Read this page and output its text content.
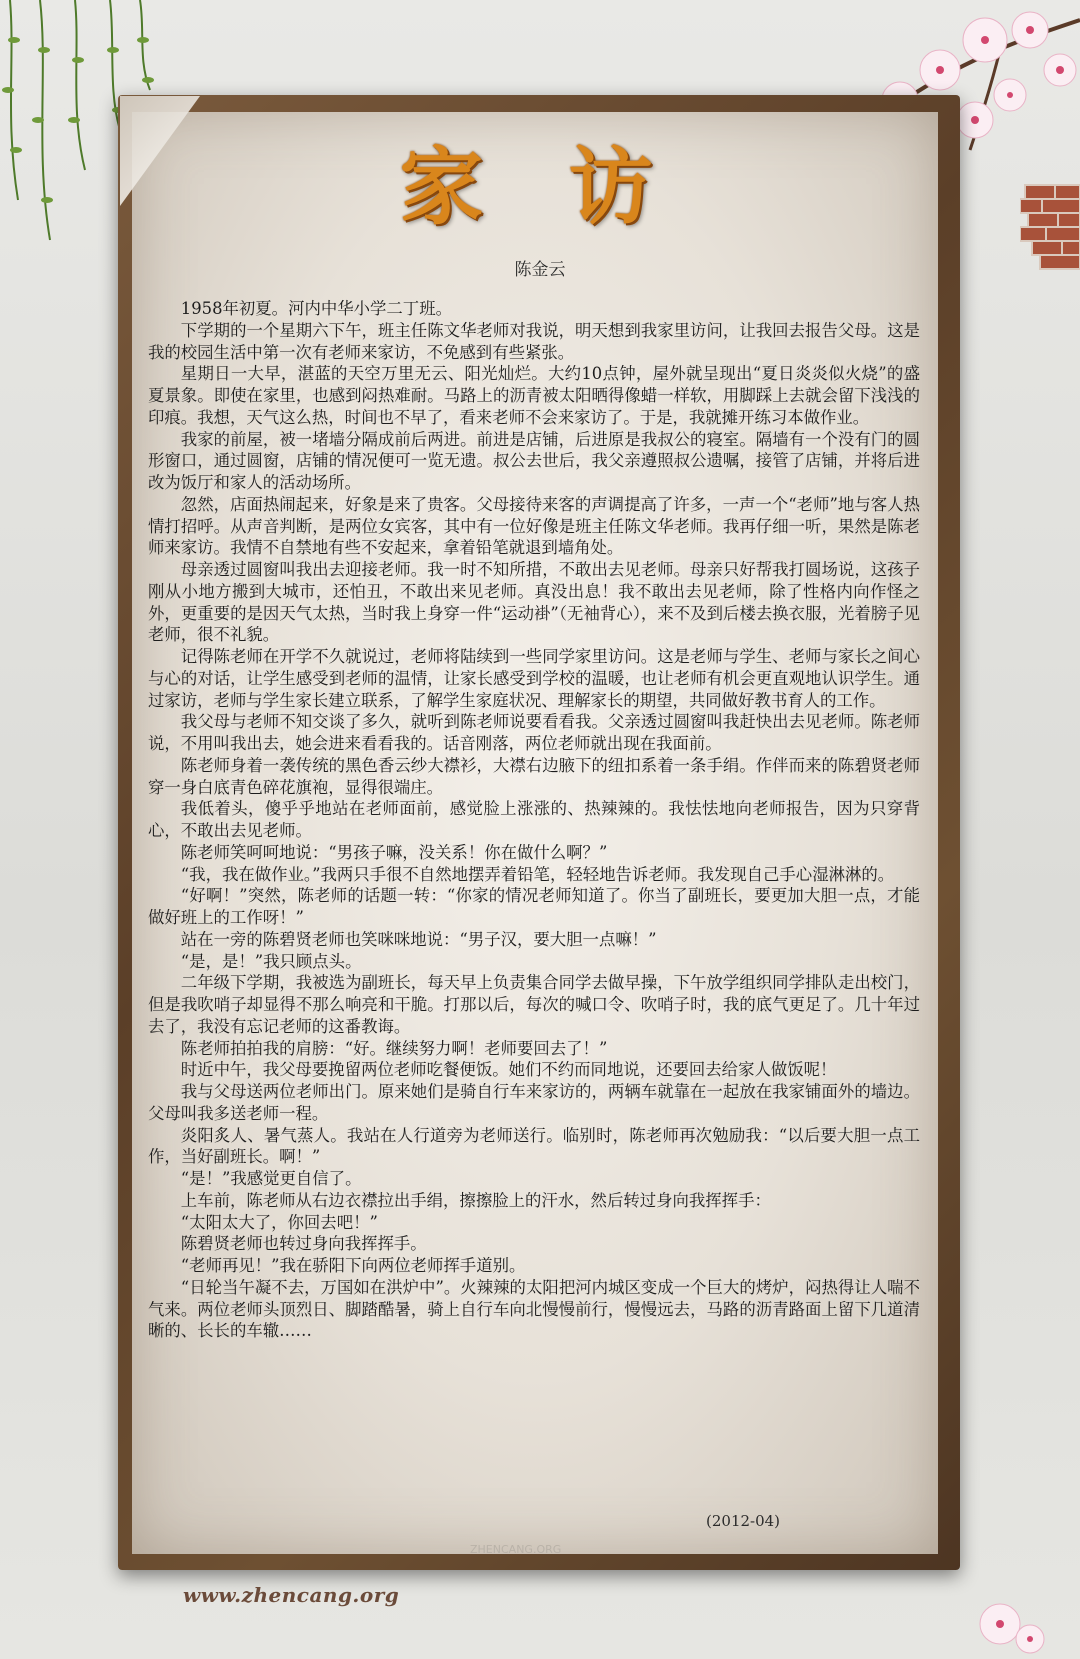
家 访
陈金云

1958年初夏。河内中华小学二丁班。

下学期的一个星期六下午，班主任陈文华老师对我说，明天想到我家里访问，让我回去报告父母。这是我的校园生活中第一次有老师来家访，不免感到有些紧张。

星期日一大早，湛蓝的天空万里无云、阳光灿烂。大约10点钟，屋外就呈现出“夏日炎炎似火烧”的盛夏景象。即使在家里，也感到闷热难耐。马路上的沥青被太阳晒得像蜡一样软，用脚踩上去就会留下浅浅的印痕。我想，天气这么热，时间也不早了，看来老师不会来家访了。于是，我就摊开练习本做作业。

我家的前屋，被一堵墙分隔成前后两进。前进是店铺，后进原是我叔公的寝室。隔墙有一个没有门的圆形窗口，通过圆窗，店铺的情况便可一览无遗。叔公去世后，我父亲遵照叔公遗嘱，接管了店铺，并将后进改为饭厅和家人的活动场所。

忽然，店面热闹起来，好象是来了贵客。父母接待来客的声调提高了许多，一声一个“老师”地与客人热情打招呼。从声音判断，是两位女宾客，其中有一位好像是班主任陈文华老师。我再仔细一听，果然是陈老师来家访。我情不自禁地有些不安起来，拿着铅笔就退到墙角处。

母亲透过圆窗叫我出去迎接老师。我一时不知所措，不敢出去见老师。母亲只好帮我打圆场说，这孩子刚从小地方搬到大城市，还怕丑，不敢出来见老师。真没出息！我不敢出去见老师，除了性格内向作怪之外，更重要的是因天气太热，当时我上身穿一件“运动褂”（无袖背心），来不及到后楼去换衣服，光着膀子见老师，很不礼貌。

记得陈老师在开学不久就说过，老师将陆续到一些同学家里访问。这是老师与学生、老师与家长之间心与心的对话，让学生感受到老师的温情，让家长感受到学校的温暖，也让老师有机会更直观地认识学生。通过家访，老师与学生家长建立联系，了解学生家庭状况、理解家长的期望，共同做好教书育人的工作。

我父母与老师不知交谈了多久，就听到陈老师说要看看我。父亲透过圆窗叫我赶快出去见老师。陈老师说，不用叫我出去，她会进来看看我的。话音刚落，两位老师就出现在我面前。

陈老师身着一袭传统的黑色香云纱大襟衫，大襟右边腋下的纽扣系着一条手绢。作伴而来的陈碧贤老师穿一身白底青色碎花旗袍，显得很端庄。

我低着头，傻乎乎地站在老师面前，感觉脸上涨涨的、热辣辣的。我怯怯地向老师报告，因为只穿背心，不敢出去见老师。

陈老师笑呵呵地说：“男孩子嘛，没关系！你在做什么啊？”

“我，我在做作业。”我两只手很不自然地摆弄着铅笔，轻轻地告诉老师。我发现自己手心湿淋淋的。

“好啊！”突然，陈老师的话题一转：“你家的情况老师知道了。你当了副班长，要更加大胆一点，才能做好班上的工作呀！”

站在一旁的陈碧贤老师也笑咪咪地说：“男子汉，要大胆一点嘛！”

“是，是！”我只顾点头。

二年级下学期，我被选为副班长，每天早上负责集合同学去做早操，下午放学组织同学排队走出校门，但是我吹哨子却显得不那么响亮和干脆。打那以后，每次的喊口令、吹哨子时，我的底气更足了。几十年过去了，我没有忘记老师的这番教诲。

陈老师拍拍我的肩膀：“好。继续努力啊！老师要回去了！”

时近中午，我父母要挽留两位老师吃餐便饭。她们不约而同地说，还要回去给家人做饭呢！

我与父母送两位老师出门。原来她们是骑自行车来家访的，两辆车就靠在一起放在我家铺面外的墙边。父母叫我多送老师一程。

炎阳炙人、暑气蒸人。我站在人行道旁为老师送行。临别时，陈老师再次勉励我：“以后要大胆一点工作，当好副班长。啊！”

“是！”我感觉更自信了。

上车前，陈老师从右边衣襟拉出手绢，擦擦脸上的汗水，然后转过身向我挥挥手：

“太阳太大了，你回去吧！”

陈碧贤老师也转过身向我挥挥手。

“老师再见！”我在骄阳下向两位老师挥手道别。

“日轮当午凝不去，万国如在洪炉中”。火辣辣的太阳把河内城区变成一个巨大的烤炉，闷热得让人喘不气来。两位老师头顶烈日、脚踏酷暑，骑上自行车向北慢慢前行，慢慢远去，马路的沥青路面上留下几道清晰的、长长的车辙……

(2012-04)
ZHENCANG.ORG
www.zhencang.org
